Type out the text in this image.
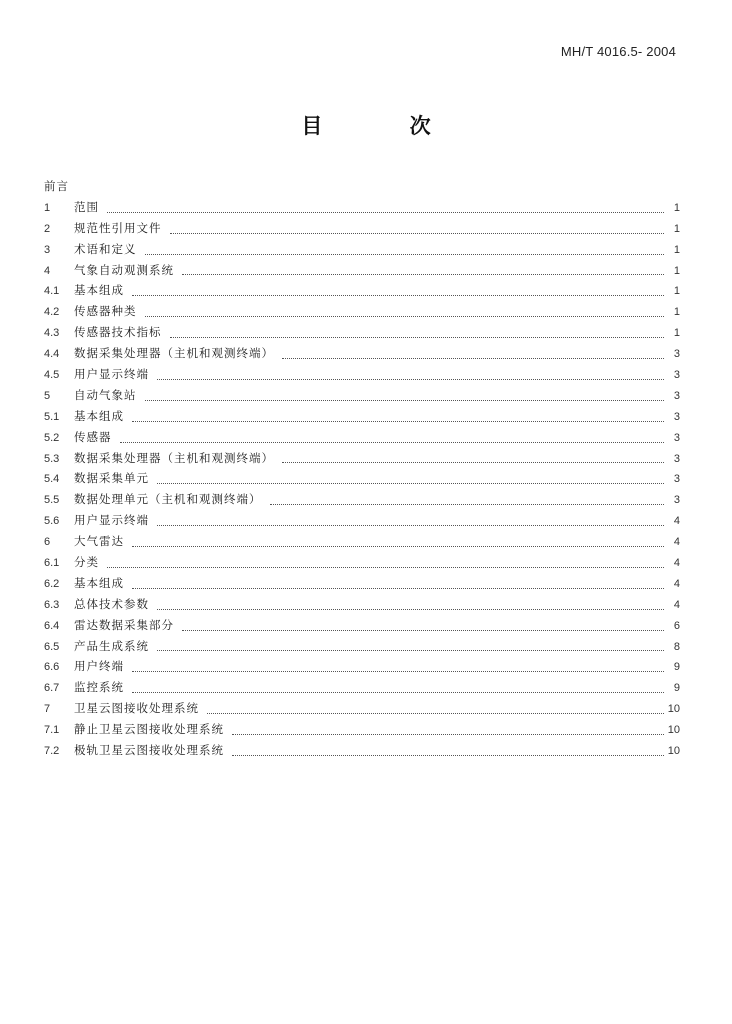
MH/T 4016.5- 2004
目 次
前言
1	范围	1
2	规范性引用文件	1
3	术语和定义	1
4	气象自动观测系统	1
4.1	基本组成	1
4.2	传感器种类	1
4.3	传感器技术指标	1
4.4	数据采集处理器（主机和观测终端）	3
4.5	用户显示终端	3
5	自动气象站	3
5.1	基本组成	3
5.2	传感器	3
5.3	数据采集处理器（主机和观测终端）	3
5.4	数据采集单元	3
5.5	数据处理单元（主机和观测终端）	3
5.6	用户显示终端	4
6	大气雷达	4
6.1	分类	4
6.2	基本组成	4
6.3	总体技术参数	4
6.4	雷达数据采集部分	6
6.5	产品生成系统	8
6.6	用户终端	9
6.7	监控系统	9
7	卫星云图接收处理系统	10
7.1	静止卫星云图接收处理系统	10
7.2	极轨卫星云图接收处理系统	10
